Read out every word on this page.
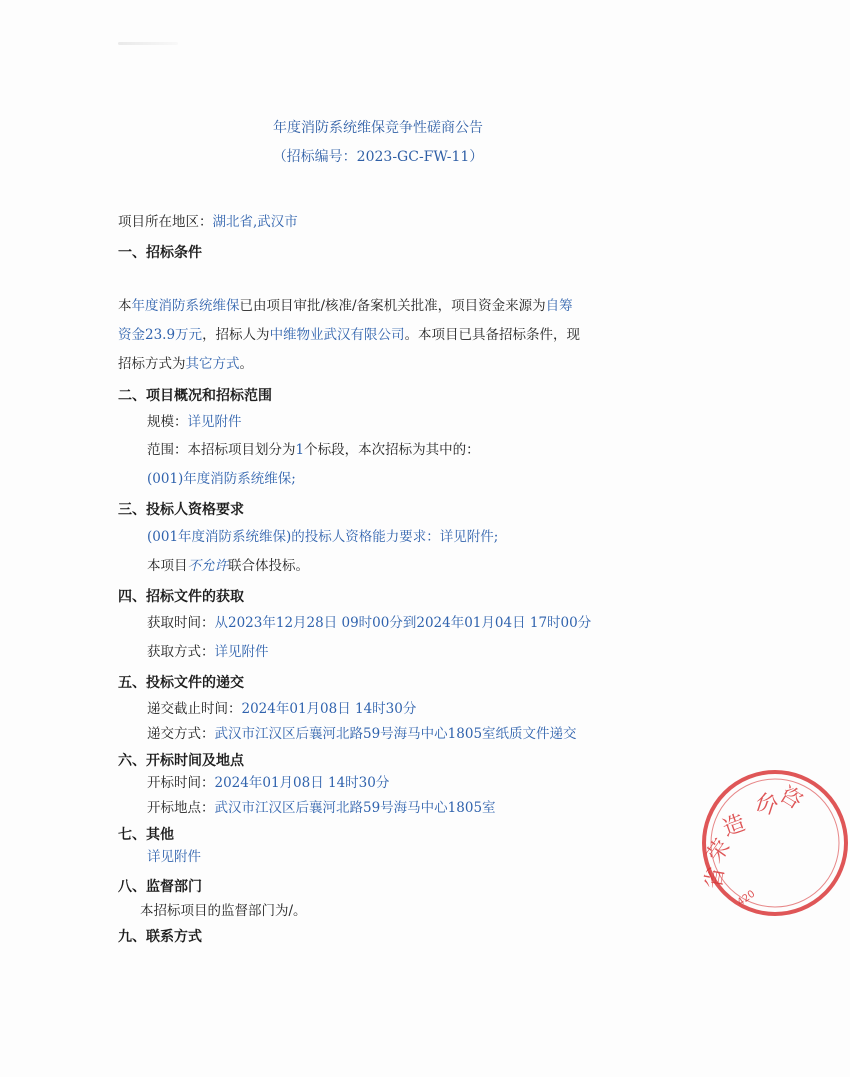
年度消防系统维保竞争性磋商公告
（招标编号：2023-GC-FW-11）
项目所在地区：湖北省,武汉市
一、招标条件
本年度消防系统维保已由项目审批/核准/备案机关批准，项目资金来源为自筹
资金23.9万元，招标人为中维物业武汉有限公司。本项目已具备招标条件，现
招标方式为其它方式。
二、项目概况和招标范围
规模：详见附件
范围：本招标项目划分为1个标段，本次招标为其中的：
(001)年度消防系统维保;
三、投标人资格要求
(001年度消防系统维保)的投标人资格能力要求：详见附件;
本项目不允许联合体投标。
四、招标文件的获取
获取时间：从2023年12月28日 09时00分到2024年01月04日 17时00分
获取方式：详见附件
五、投标文件的递交
递交截止时间：2024年01月08日 14时30分
递交方式：武汉市江汉区后襄河北路59号海马中心1805室纸质文件递交
六、开标时间及地点
开标时间：2024年01月08日 14时30分
开标地点：武汉市江汉区后襄河北路59号海马中心1805室
七、其他
详见附件
八、监督部门
本招标项目的监督部门为/。
九、联系方式
价
咨
造
荣
省
420
